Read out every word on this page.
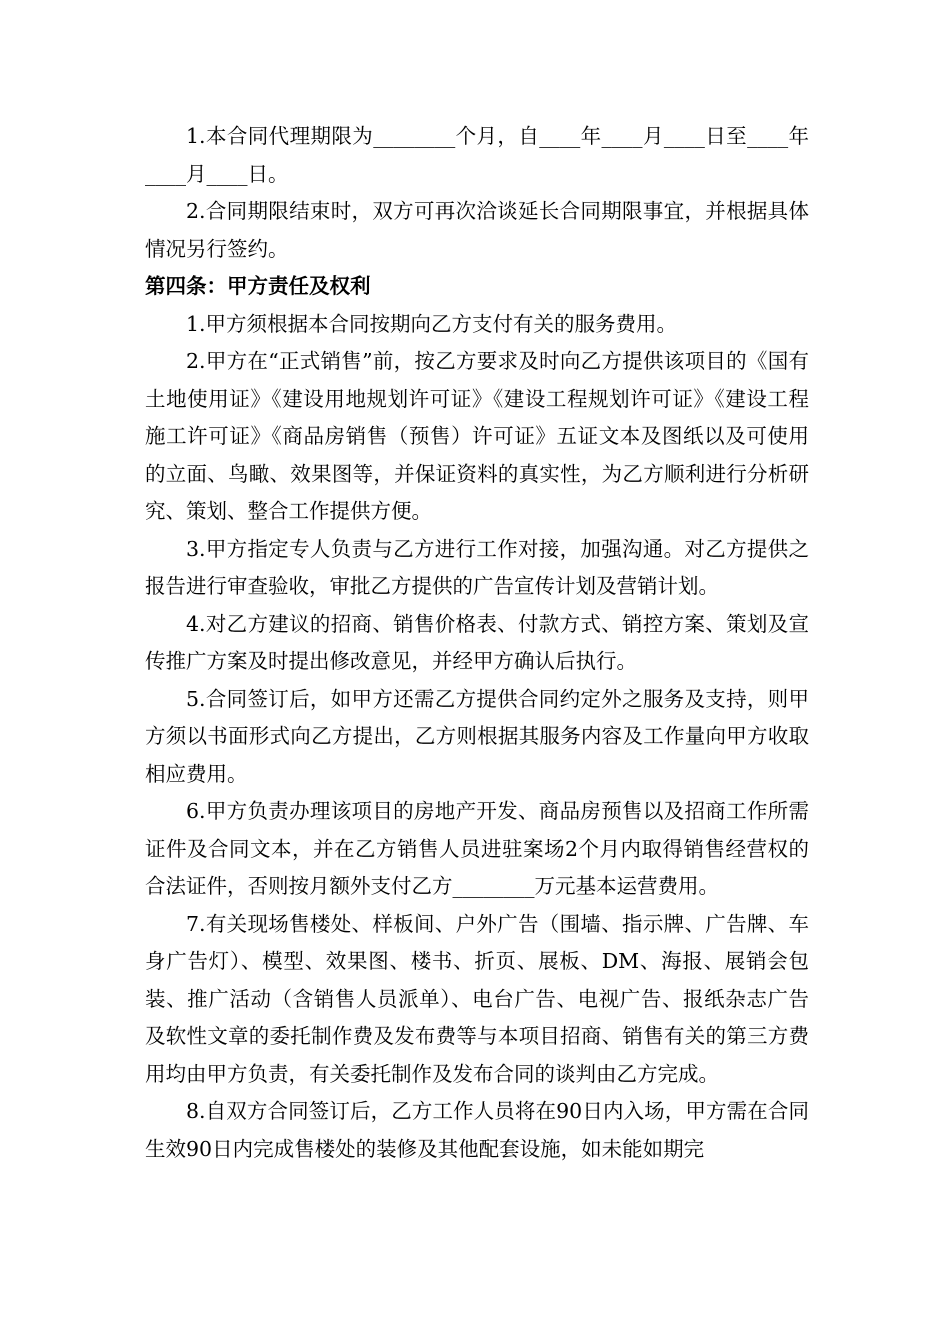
1.本合同代理期限为________个月，自____年____月____日至____年____月____日。

2.合同期限结束时，双方可再次洽谈延长合同期限事宜，并根据具体情况另行签约。

第四条：甲方责任及权利

1.甲方须根据本合同按期向乙方支付有关的服务费用。

2.甲方在“正式销售”前，按乙方要求及时向乙方提供该项目的《国有土地使用证》《建设用地规划许可证》《建设工程规划许可证》《建设工程施工许可证》《商品房销售（预售）许可证》五证文本及图纸以及可使用的立面、鸟瞰、效果图等，并保证资料的真实性，为乙方顺利进行分析研究、策划、整合工作提供方便。

3.甲方指定专人负责与乙方进行工作对接，加强沟通。对乙方提供之报告进行审查验收，审批乙方提供的广告宣传计划及营销计划。

4.对乙方建议的招商、销售价格表、付款方式、销控方案、策划及宣传推广方案及时提出修改意见，并经甲方确认后执行。

5.合同签订后，如甲方还需乙方提供合同约定外之服务及支持，则甲方须以书面形式向乙方提出，乙方则根据其服务内容及工作量向甲方收取相应费用。

6.甲方负责办理该项目的房地产开发、商品房预售以及招商工作所需证件及合同文本，并在乙方销售人员进驻案场2个月内取得销售经营权的合法证件，否则按月额外支付乙方________万元基本运营费用。

7.有关现场售楼处、样板间、户外广告（围墙、指示牌、广告牌、车身广告灯）、模型、效果图、楼书、折页、展板、DM、海报、展销会包装、推广活动（含销售人员派单）、电台广告、电视广告、报纸杂志广告及软性文章的委托制作费及发布费等与本项目招商、销售有关的第三方费用均由甲方负责，有关委托制作及发布合同的谈判由乙方完成。

8.自双方合同签订后，乙方工作人员将在90日内入场，甲方需在合同生效90日内完成售楼处的装修及其他配套设施，如未能如期完
